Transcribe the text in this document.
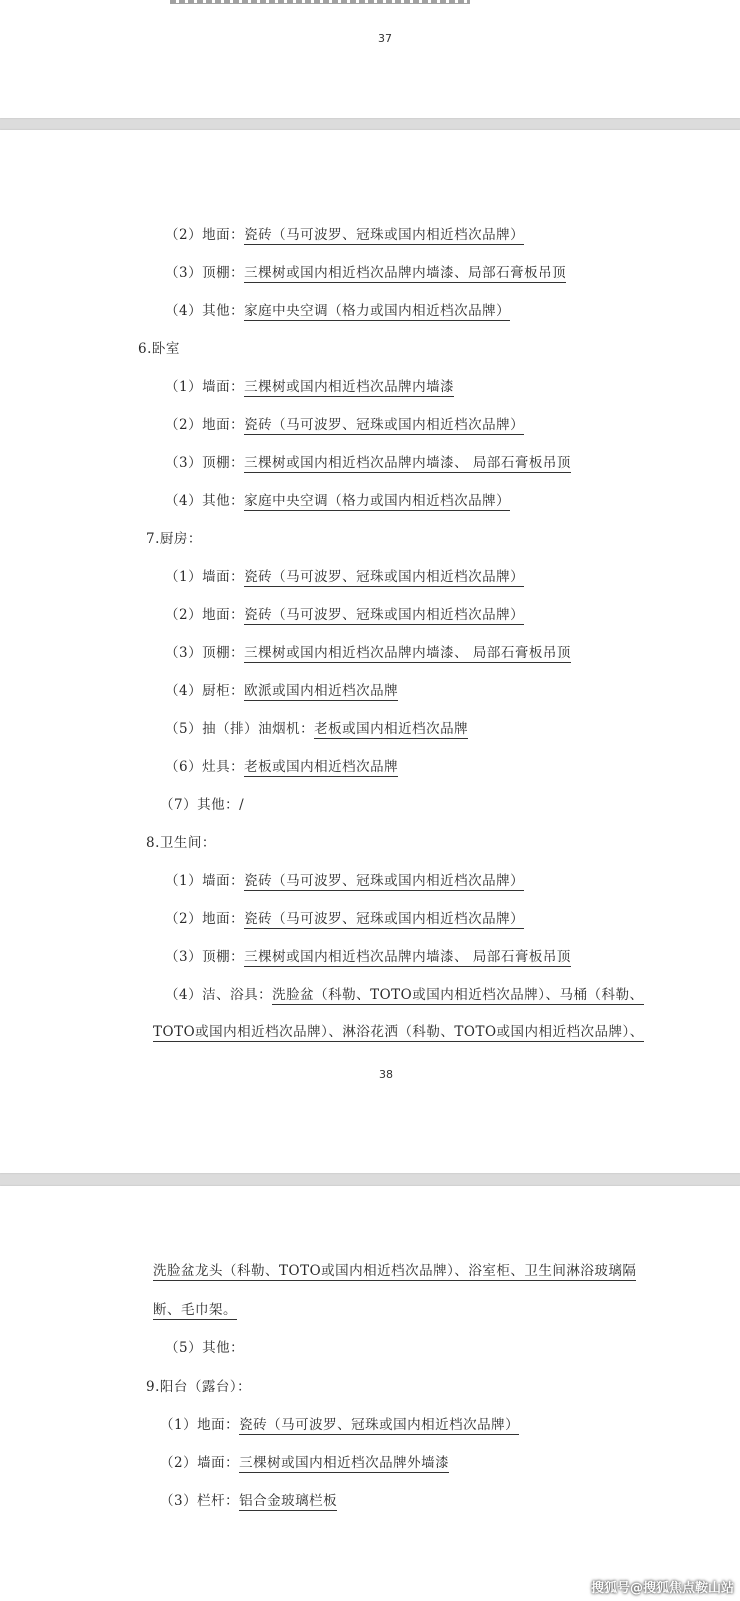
37
（2）地面：瓷砖（马可波罗、冠珠或国内相近档次品牌）
（3）顶棚：三棵树或国内相近档次品牌内墙漆、局部石膏板吊顶
（4）其他：家庭中央空调（格力或国内相近档次品牌）
6.卧室
（1）墙面：三棵树或国内相近档次品牌内墙漆
（2）地面：瓷砖（马可波罗、冠珠或国内相近档次品牌）
（3）顶棚：三棵树或国内相近档次品牌内墙漆、 局部石膏板吊顶
（4）其他：家庭中央空调（格力或国内相近档次品牌）
7.厨房：
（1）墙面：瓷砖（马可波罗、冠珠或国内相近档次品牌）
（2）地面：瓷砖（马可波罗、冠珠或国内相近档次品牌）
（3）顶棚：三棵树或国内相近档次品牌内墙漆、 局部石膏板吊顶
（4）厨柜：欧派或国内相近档次品牌
（5）抽（排）油烟机：老板或国内相近档次品牌
（6）灶具：老板或国内相近档次品牌
（7）其他：/
8.卫生间：
（1）墙面：瓷砖（马可波罗、冠珠或国内相近档次品牌）
（2）地面：瓷砖（马可波罗、冠珠或国内相近档次品牌）
（3）顶棚：三棵树或国内相近档次品牌内墙漆、 局部石膏板吊顶
（4）洁、浴具：洗脸盆（科勒、TOTO或国内相近档次品牌）、马桶（科勒、
TOTO或国内相近档次品牌）、淋浴花洒（科勒、TOTO或国内相近档次品牌）、
38
洗脸盆龙头（科勒、TOTO或国内相近档次品牌）、浴室柜、卫生间淋浴玻璃隔
断、毛巾架。
（5）其他：
9.阳台（露台）：
（1）地面：瓷砖（马可波罗、冠珠或国内相近档次品牌）
（2）墙面：三棵树或国内相近档次品牌外墙漆
（3）栏杆：铝合金玻璃栏板
搜狐号@搜狐焦点鞍山站
